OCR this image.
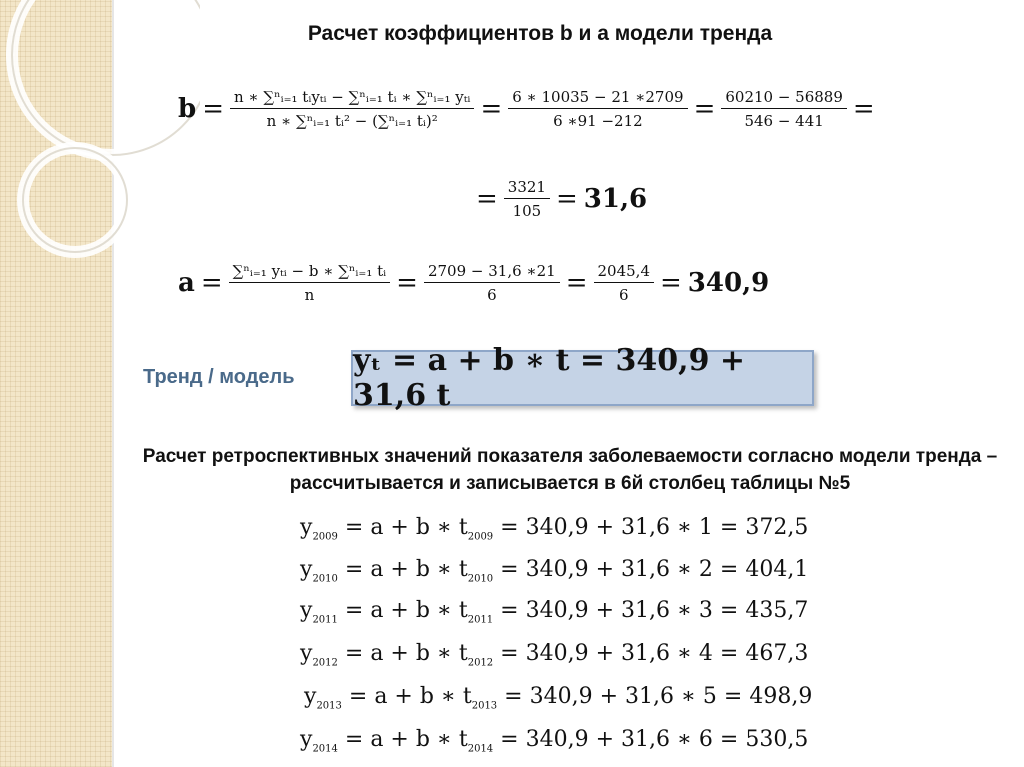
Расчет коэффициентов b и а модели тренда
$b = \frac{\text{n ∗ ∑ⁿᵢ₌₁ tᵢyₜᵢ − ∑ⁿᵢ₌₁ tᵢ ∗ ∑ⁿᵢ₌₁ yₜᵢ}}{\text{n ∗ ∑ⁿᵢ₌₁ tᵢ² − (∑ⁿᵢ₌₁ tᵢ)²}} = \frac{6 ∗ 10035 - 21 ∗2709}{6 ∗91 -212} = \frac{60210 - 56889}{546 - 441}$ =
= $\frac{3321}{105} = 31,6$
$a = \frac{\text{∑ⁿᵢ₌₁ yₜᵢ − b ∗ ∑ⁿᵢ₌₁ tᵢ}}{n} = \frac{2709 - 31,6 ∗21}{6} = \frac{2045,4}{6} = 340,9$
Тренд / модель yₜ = a + b ∗ t = 340,9 + 31,6 t
Расчет ретроспективных значений показателя заболеваемости согласно модели тренда – рассчитывается и записывается в 6й столбец таблицы №5
$y_{2009} = a + b$ ∗ $t_{2009} = 340,9 + 31,6$ ∗ 1 = 372,5
$y_{2010} = a + b$ ∗ $t_{2010} = 340,9 + 31,6$ ∗ 2 = 404,1
$y_{2011} = a + b$ ∗ $t_{2011} = 340,9 + 31,6$ ∗ 3 = 435,7
$y_{2012} = a + b$ ∗ $t_{2012} = 340,9 + 31,6$ ∗ 4 = 467,3
$y_{2013} = a + b$ ∗ $t_{2013} = 340,9 + 31,6$ ∗ 5 = 498,9
$y_{2014} = a + b$ ∗ $t_{2014} = 340,9 + 31,6$ ∗ 6 = 530,5
